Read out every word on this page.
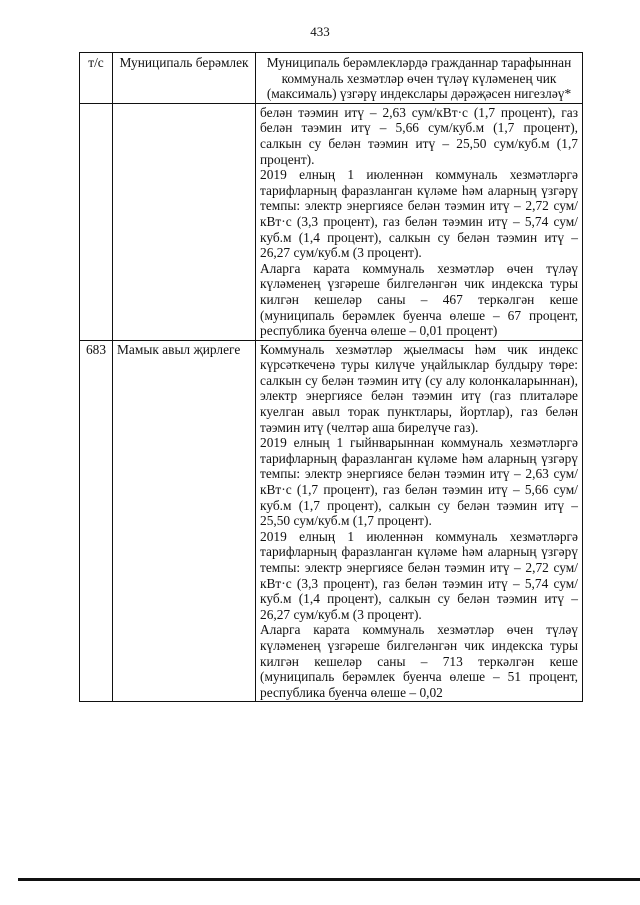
433
т/с	Муниципаль берәмлек	Муниципаль берәмлекләрдә гражданнар тарафыннан коммуналь хезмәтләр өчен түләү күләменең чик (максималь) үзгәрү индекслары дәрәҗәсен нигезләү*

		белән тәэмин итү – 2,63 сум/кВт·с (1,7 процент), газ белән тәэмин итү – 5,66 сум/куб.м (1,7 процент), салкын су белән тәэмин итү – 25,50 сум/куб.м (1,7 процент).

2019 елның 1 июленнән коммуналь хезмәтләргә тарифларның фаразланган күләме һәм аларның үзгәрү темпы: электр энергиясе белән тәэмин итү – 2,72 сум/кВт·с (3,3 процент), газ белән тәэмин итү – 5,74 сум/куб.м (1,4 процент), салкын су белән тәэмин итү – 26,27 сум/куб.м (3 процент).

Аларга карата коммуналь хезмәтләр өчен түләү күләменең үзгәреше билгеләнгән чик индекска туры килгән кешеләр саны – 467 теркәлгән кеше (муниципаль берәмлек буенча өлеше – 67 процент, республика буенча өлеше – 0,01 процент)

683	Мамык авыл җирлеге	Коммуналь хезмәтләр җыелмасы һәм чик индекс күрсәткеченә туры килүче уңайлыклар булдыру төре: салкын су белән тәэмин итү (су алу колонкаларыннан), электр энергиясе белән тәэмин итү (газ плиталәре куелган авыл торак пунктлары, йортлар), газ белән тәэмин итү (челтәр аша бирелүче газ).

2019 елның 1 гыйнварыннан коммуналь хезмәтләргә тарифларның фаразланган күләме һәм аларның үзгәрү темпы: электр энергиясе белән тәэмин итү – 2,63 сум/кВт·с (1,7 процент), газ белән тәэмин итү – 5,66 сум/куб.м (1,7 процент), салкын су белән тәэмин итү – 25,50 сум/куб.м (1,7 процент).

2019 елның 1 июленнән коммуналь хезмәтләргә тарифларның фаразланган күләме һәм аларның үзгәрү темпы: электр энергиясе белән тәэмин итү – 2,72 сум/кВт·с (3,3 процент), газ белән тәэмин итү – 5,74 сум/куб.м (1,4 процент), салкын су белән тәэмин итү – 26,27 сум/куб.м (3 процент).

Аларга карата коммуналь хезмәтләр өчен түләү күләменең үзгәреше билгеләнгән чик индекска туры килгән кешеләр саны – 713 теркәлгән кеше (муниципаль берәмлек буенча өлеше – 51 процент, республика буенча өлеше – 0,02
